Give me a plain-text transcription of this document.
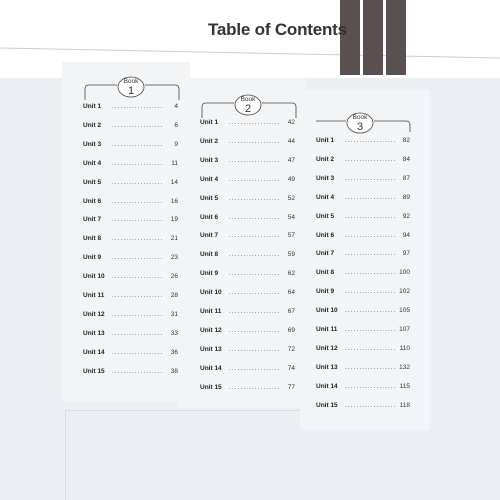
Table of Contents
Book
1
Unit 1 ..................	4
Unit 2 ..................	6
Unit 3 ..................	9
Unit 4 ..................	11
Unit 5 ..................	14
Unit 6 ..................	16
Unit 7 ..................	19
Unit 8 ..................	21
Unit 9 ..................	23
Unit 10 ..................	26
Unit 11 ..................	28
Unit 12 ..................	31
Unit 13 ..................	33
Unit 14 ..................	36
Unit 15 ..................	38
Book
2
Unit 1 ..................	42
Unit 2 ..................	44
Unit 3 ..................	47
Unit 4 ..................	49
Unit 5 ..................	52
Unit 6 ..................	54
Unit 7 ..................	57
Unit 8 ..................	59
Unit 9 ..................	62
Unit 10 ..................	64
Unit 11 ..................	67
Unit 12 ..................	69
Unit 13 ..................	72
Unit 14 ..................	74
Unit 15 ..................	77
Book
3
Unit 1 .................. 82
Unit 2 .................. 84
Unit 3 .................. 87
Unit 4 .................. 89
Unit 5 .................. 92
Unit 6 .................. 94
Unit 7 .................. 97
Unit 8 .................. 100
Unit 9 .................. 102
Unit 10 .................. 105
Unit 11 .................. 107
Unit 12 .................. 110
Unit 13 .................. 132
Unit 14 .................. 115
Unit 15 .................. 118
